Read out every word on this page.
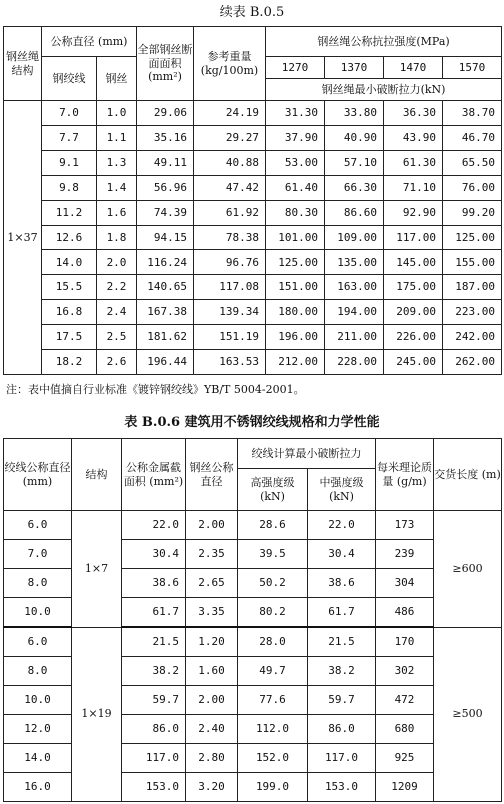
续表 B.0.5
钢丝绳结构	公称直径 (mm)		全部钢丝断面面积 (mm²)	参考重量 (kg/100m)	钢丝绳公称抗拉强度(MPa)			
	钢绞线	钢丝			1270	1370	1470	1570
					钢丝绳最小破断拉力(kN)			
1×37	7.0	1.0	29.06	24.19	31.30	33.80	36.30	38.70
	7.7	1.1	35.16	29.27	37.90	40.90	43.90	46.70
	9.1	1.3	49.11	40.88	53.00	57.10	61.30	65.50
	9.8	1.4	56.96	47.42	61.40	66.30	71.10	76.00
	11.2	1.6	74.39	61.92	80.30	86.60	92.90	99.20
	12.6	1.8	94.15	78.38	101.00	109.00	117.00	125.00
	14.0	2.0	116.24	96.76	125.00	135.00	145.00	155.00
	15.5	2.2	140.65	117.08	151.00	163.00	175.00	187.00
	16.8	2.4	167.38	139.34	180.00	194.00	209.00	223.00
	17.5	2.5	181.62	151.19	196.00	211.00	226.00	242.00
	18.2	2.6	196.44	163.53	212.00	228.00	245.00	262.00
注：表中值摘自行业标准《镀锌钢绞线》YB/T 5004-2001。
表 B.0.6 建筑用不锈钢绞线规格和力学性能
绞线公称直径 (mm)	结构	公称金属截面积 (mm²)	钢丝公称直径	绞线计算最小破断拉力		每米理论质量 (g/m)	交货长度 (m)
				高强度级 (kN)	中强度级 (kN)		
6.0	1×7	22.0	2.00	28.6	22.0	173	≥600
7.0		30.4	2.35	39.5	30.4	239	
8.0		38.6	2.65	50.2	38.6	304	
10.0		61.7	3.35	80.2	61.7	486	
6.0	1×19	21.5	1.20	28.0	21.5	170	≥500
8.0		38.2	1.60	49.7	38.2	302	
10.0		59.7	2.00	77.6	59.7	472	
12.0		86.0	2.40	112.0	86.0	680	
14.0		117.0	2.80	152.0	117.0	925	
16.0		153.0	3.20	199.0	153.0	1209	
